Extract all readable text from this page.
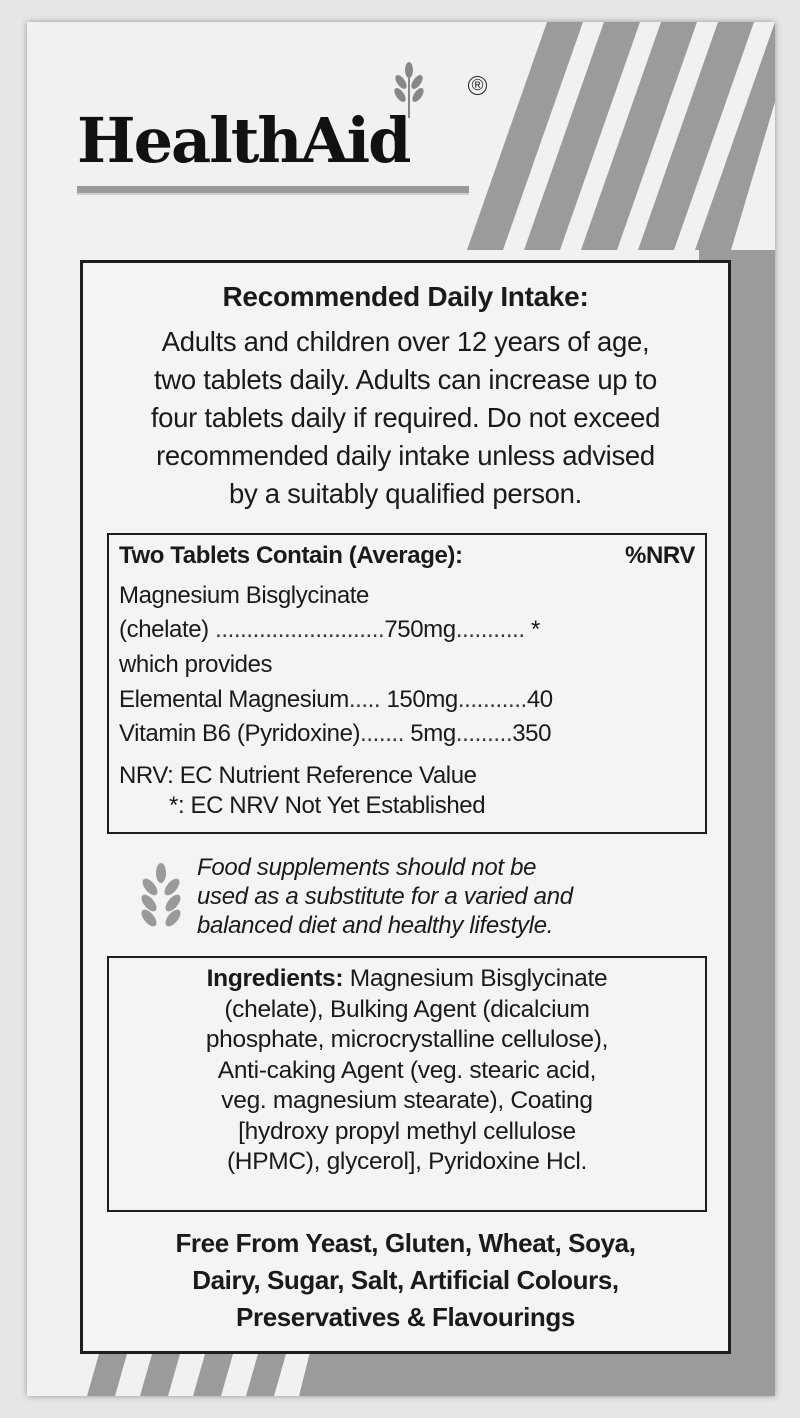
HealthAid
®
Recommended Daily Intake:
Adults and children over 12 years of age,
two tablets daily. Adults can increase up to
four tablets daily if required. Do not exceed
recommended daily intake unless advised
by a suitably qualified person.
Two Tablets Contain (Average):	%NRV
Magnesium Bisglycinate
(chelate) ...........................750mg........... *
which provides
Elemental Magnesium..... 150mg...........40
Vitamin B6 (Pyridoxine)....... 5mg.........350
NRV: EC Nutrient Reference Value
*: EC NRV Not Yet Established
Food supplements should not be
used as a substitute for a varied and
balanced diet and healthy lifestyle.
Ingredients: Magnesium Bisglycinate
(chelate), Bulking Agent (dicalcium
phosphate, microcrystalline cellulose),
Anti-caking Agent (veg. stearic acid,
veg. magnesium stearate), Coating
[hydroxy propyl methyl cellulose
(HPMC), glycerol], Pyridoxine Hcl.
Free From Yeast, Gluten, Wheat, Soya,
Dairy, Sugar, Salt, Artificial Colours,
Preservatives & Flavourings
